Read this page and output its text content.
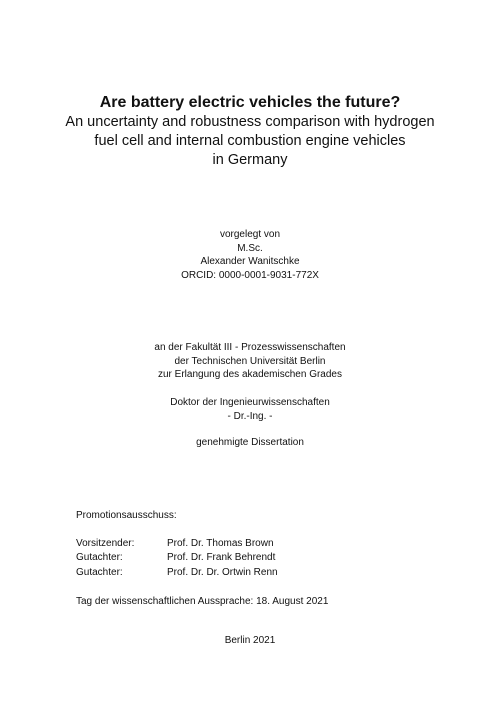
Are battery electric vehicles the future?

An uncertainty and robustness comparison with hydrogen

fuel cell and internal combustion engine vehicles

in Germany

vorgelegt von

M.Sc.

Alexander Wanitschke

ORCID: 0000-0001-9031-772X

an der Fakultät III - Prozesswissenschaften

der Technischen Universität Berlin

zur Erlangung des akademischen Grades

Doktor der Ingenieurwissenschaften

- Dr.-Ing. -

genehmigte Dissertation

Promotionsausschuss:

Vorsitzender:	Prof. Dr. Thomas Brown
Gutachter:	Prof. Dr. Frank Behrendt
Gutachter:	Prof. Dr. Dr. Ortwin Renn
Tag der wissenschaftlichen Aussprache: 18. August 2021
Berlin 2021
